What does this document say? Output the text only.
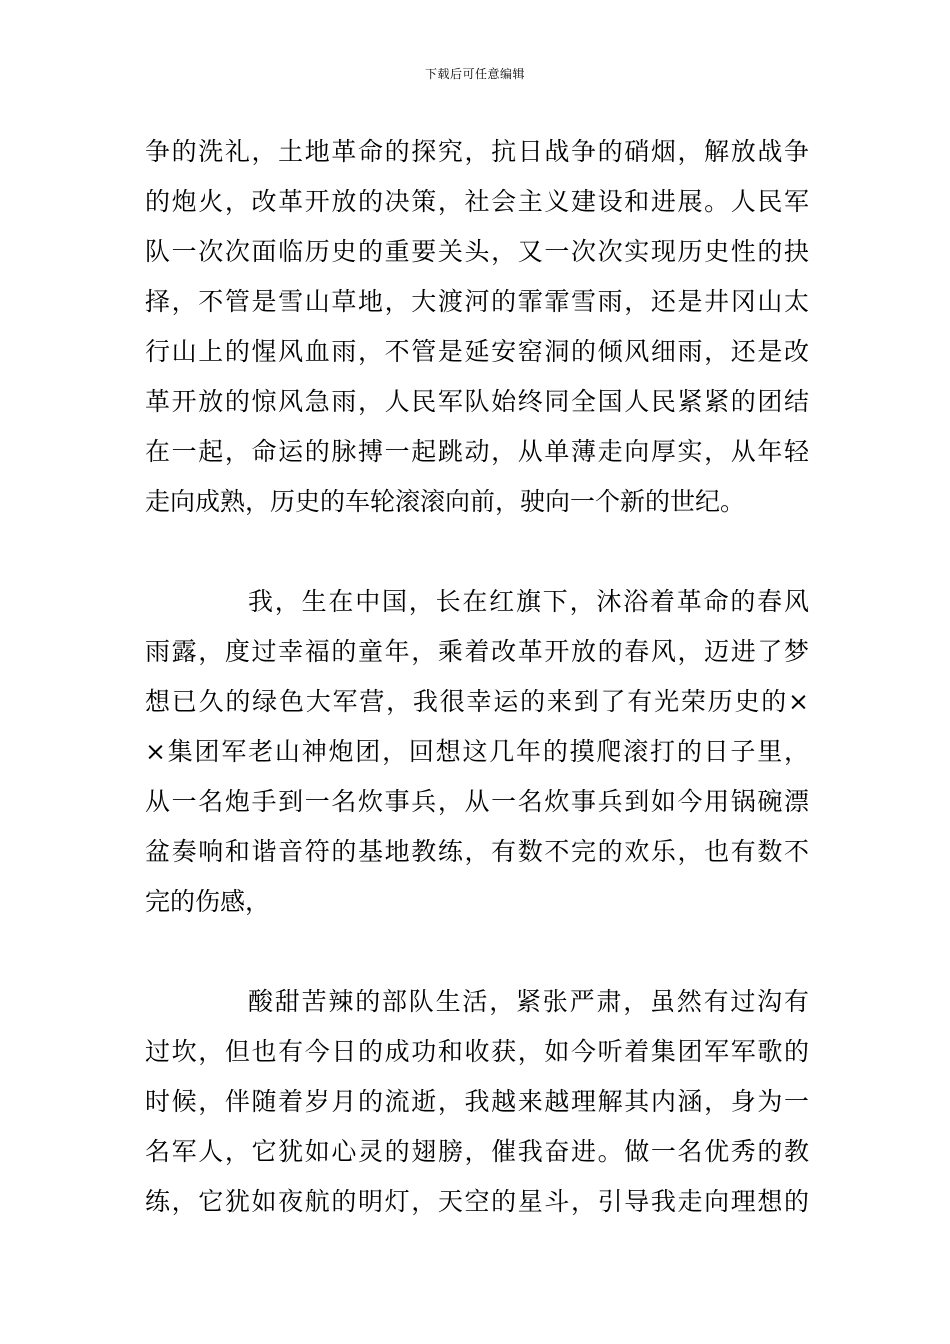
下载后可任意编辑
争的洗礼，土地革命的探究，抗日战争的硝烟，解放战争
的炮火，改革开放的决策，社会主义建设和进展。人民军
队一次次面临历史的重要关头，又一次次实现历史性的抉
择，不管是雪山草地，大渡河的霏霏雪雨，还是井冈山太
行山上的惺风血雨，不管是延安窑洞的倾风细雨，还是改
革开放的惊风急雨，人民军队始终同全国人民紧紧的团结
在一起，命运的脉搏一起跳动，从单薄走向厚实，从年轻
走向成熟，历史的车轮滚滚向前，驶向一个新的世纪。
我，生在中国，长在红旗下，沐浴着革命的春风
雨露，度过幸福的童年，乘着改革开放的春风，迈进了梦
想已久的绿色大军营，我很幸运的来到了有光荣历史的×
×集团军老山神炮团，回想这几年的摸爬滚打的日子里，
从一名炮手到一名炊事兵，从一名炊事兵到如今用锅碗漂
盆奏响和谐音符的基地教练，有数不完的欢乐，也有数不
完的伤感，
酸甜苦辣的部队生活，紧张严肃，虽然有过沟有
过坎，但也有今日的成功和收获，如今听着集团军军歌的
时候，伴随着岁月的流逝，我越来越理解其内涵，身为一
名军人，它犹如心灵的翅膀，催我奋进。做一名优秀的教
练，它犹如夜航的明灯，天空的星斗，引导我走向理想的
